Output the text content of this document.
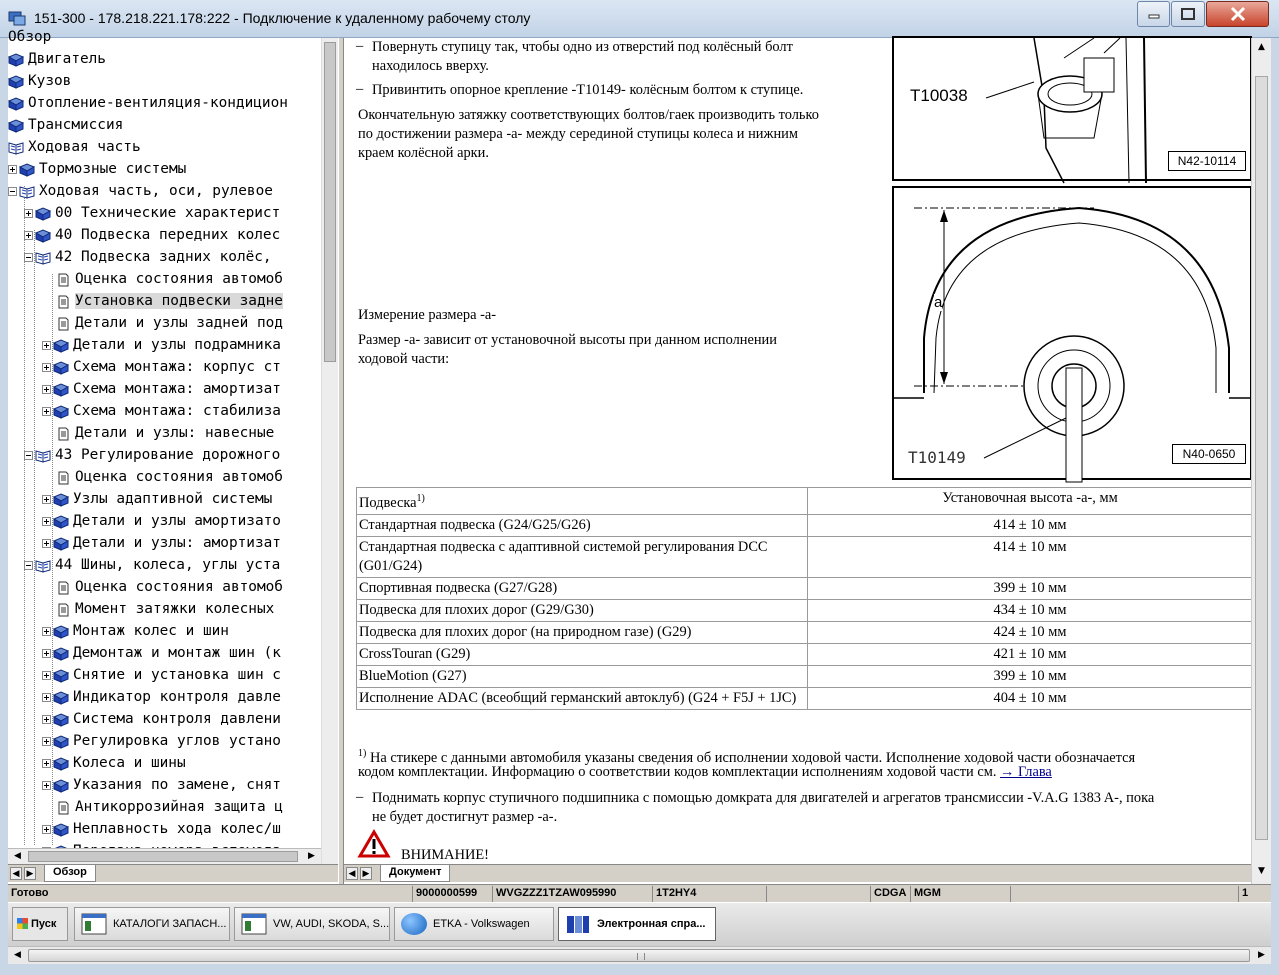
151-300 - 178.218.221.178:222 - Подключение к удаленному рабочему столу
Обзор
Двигатель
Кузов
Отопление-вентиляция-кондицион
Трансмиссия
Ходовая часть
Тормозные системы
Ходовая часть, оси, рулевое
00 Технические характерист
40 Подвеска передних колес
42 Подвеска задних колёс,
Оценка состояния автомоб
Установка подвески задне
Детали и узлы задней под
Детали и узлы подрамника
Схема монтажа: корпус ст
Схема монтажа: амортизат
Схема монтажа: стабилиза
Детали и узлы: навесные
43 Регулирование дорожного
Оценка состояния автомоб
Узлы адаптивной системы
Детали и узлы амортизато
Детали и узлы: амортизат
44 Шины, колеса, углы уста
Оценка состояния автомоб
Момент затяжки колесных
Монтаж колес и шин
Демонтаж и монтаж шин (к
Снятие и установка шин с
Индикатор контроля давле
Система контроля давлени
Регулировка углов устано
Колеса и шины
Указания по замене, снят
Антикоррозийная защита ц
Неплавность хода колес/ш
◀	▶
◀ ▶	Обзор
– Повернуть ступицу так, чтобы одно из отверстий под колёсный болт
находилось вверху.
– Привинтить опорное крепление -T10149- колёсным болтом к ступице.
Окончательную затяжку соответствующих болтов/гаек производить только
по достижении размера -а- между серединой ступицы колеса и нижним
краем колёсной арки.
T10038
N42-10114
a
T10149	N40-0650
Измерение размера -а-
Размер -а- зависит от установочной высоты при данном исполнении
ходовой части:
Подвеска$^{1)}$	Установочная высота -а-, мм
Стандартная подвеска (G24/G25/G26)	414 ± 10 мм
Стандартная подвеска с адаптивной системой регулирования DCC (G01/G24)	414 ± 10 мм
Спортивная подвеска (G27/G28)	399 ± 10 мм
Подвеска для плохих дорог (G29/G30)	434 ± 10 мм
Подвеска для плохих дорог (на природном газе) (G29)	424 ± 10 мм
CrossTouran (G29)	421 ± 10 мм
BlueMotion (G27)	399 ± 10 мм
Исполнение ADAC (всеобщий германский автоклуб) (G24 + F5J + 1JC)	404 ± 10 мм
$^{1)}$ На стикере с данными автомобиля указаны сведения об исполнении ходовой части. Исполнение ходовой части обозначается
кодом комплектации. Информацию о соответствии кодов комплектации исполнениям ходовой части см. → Глава
– Поднимать корпус ступичного подшипника с помощью домкрата для двигателей и агрегатов трансмиссии -V.A.G 1383 A-, пока
не будет достигнут размер -а-.
ВНИМАНИЕ!
▲
▼
◀ ▶	Документ
Готово	9000000599	WVGZZZ1TZAW095990	1T2HY4	CDGA MGM	1
Пуск	КАТАЛОГИ ЗАПАСН...	VW, AUDI, SKODA, S...	ETKA - Volkswagen	Электронная спра...
◀	▶
